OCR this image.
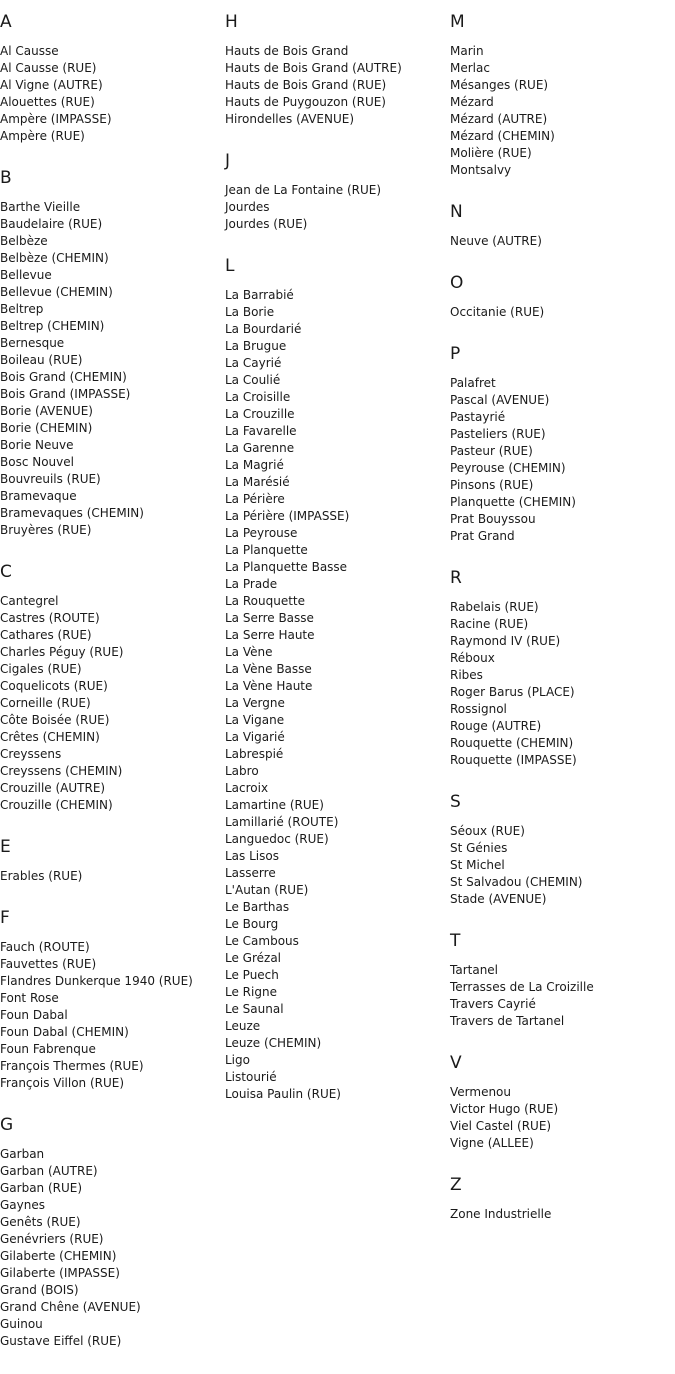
A
Al Causse
Al Causse (RUE)
Al Vigne (AUTRE)
Alouettes (RUE)
Ampère (IMPASSE)
Ampère (RUE)
B
Barthe Vieille
Baudelaire (RUE)
Belbèze
Belbèze (CHEMIN)
Bellevue
Bellevue (CHEMIN)
Beltrep
Beltrep (CHEMIN)
Bernesque
Boileau (RUE)
Bois Grand (CHEMIN)
Bois Grand (IMPASSE)
Borie (AVENUE)
Borie (CHEMIN)
Borie Neuve
Bosc Nouvel
Bouvreuils (RUE)
Bramevaque
Bramevaques (CHEMIN)
Bruyères (RUE)
C
Cantegrel
Castres (ROUTE)
Cathares (RUE)
Charles Péguy (RUE)
Cigales (RUE)
Coquelicots (RUE)
Corneille (RUE)
Côte Boisée (RUE)
Crêtes (CHEMIN)
Creyssens
Creyssens (CHEMIN)
Crouzille (AUTRE)
Crouzille (CHEMIN)
E
Erables (RUE)
F
Fauch (ROUTE)
Fauvettes (RUE)
Flandres Dunkerque 1940 (RUE)
Font Rose
Foun Dabal
Foun Dabal (CHEMIN)
Foun Fabrenque
François Thermes (RUE)
François Villon (RUE)
G
Garban
Garban (AUTRE)
Garban (RUE)
Gaynes
Genêts (RUE)
Genévriers (RUE)
Gilaberte (CHEMIN)
Gilaberte (IMPASSE)
Grand (BOIS)
Grand Chêne (AVENUE)
Guinou
Gustave Eiffel (RUE)
H
Hauts de Bois Grand
Hauts de Bois Grand (AUTRE)
Hauts de Bois Grand (RUE)
Hauts de Puygouzon (RUE)
Hirondelles (AVENUE)
J
Jean de La Fontaine (RUE)
Jourdes
Jourdes (RUE)
L
La Barrabié
La Borie
La Bourdarié
La Brugue
La Cayrié
La Coulié
La Croisille
La Crouzille
La Favarelle
La Garenne
La Magrié
La Marésié
La Périère
La Périère (IMPASSE)
La Peyrouse
La Planquette
La Planquette Basse
La Prade
La Rouquette
La Serre Basse
La Serre Haute
La Vène
La Vène Basse
La Vène Haute
La Vergne
La Vigane
La Vigarié
Labrespié
Labro
Lacroix
Lamartine (RUE)
Lamillarié (ROUTE)
Languedoc (RUE)
Las Lisos
Lasserre
L'Autan (RUE)
Le Barthas
Le Bourg
Le Cambous
Le Grézal
Le Puech
Le Rigne
Le Saunal
Leuze
Leuze (CHEMIN)
Ligo
Listourié
Louisa Paulin (RUE)
M
Marin
Merlac
Mésanges (RUE)
Mézard
Mézard (AUTRE)
Mézard (CHEMIN)
Molière (RUE)
Montsalvy
N
Neuve (AUTRE)
O
Occitanie (RUE)
P
Palafret
Pascal (AVENUE)
Pastayrié
Pasteliers (RUE)
Pasteur (RUE)
Peyrouse (CHEMIN)
Pinsons (RUE)
Planquette (CHEMIN)
Prat Bouyssou
Prat Grand
R
Rabelais (RUE)
Racine (RUE)
Raymond IV (RUE)
Réboux
Ribes
Roger Barus (PLACE)
Rossignol
Rouge (AUTRE)
Rouquette (CHEMIN)
Rouquette (IMPASSE)
S
Séoux (RUE)
St Génies
St Michel
St Salvadou (CHEMIN)
Stade (AVENUE)
T
Tartanel
Terrasses de La Croizille
Travers Cayrié
Travers de Tartanel
V
Vermenou
Victor Hugo (RUE)
Viel Castel (RUE)
Vigne (ALLEE)
Z
Zone Industrielle
